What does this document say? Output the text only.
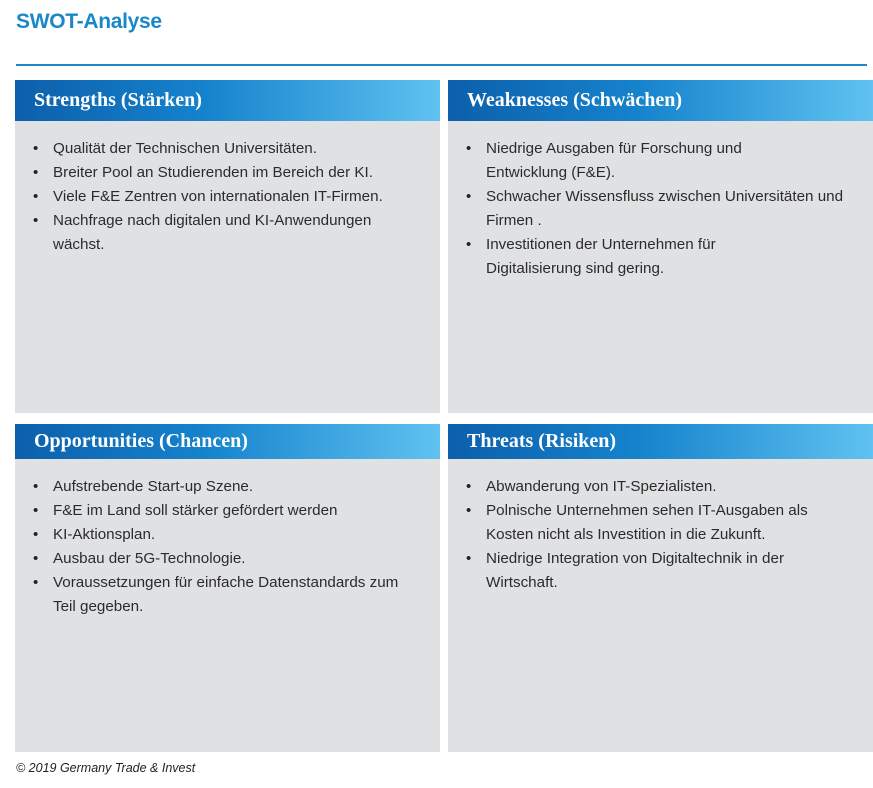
SWOT-Analyse
Strengths (Stärken)
• Qualität der Technischen Universitäten.
• Breiter Pool an Studierenden im Bereich der KI.
• Viele F&E Zentren von internationalen IT-Firmen.
• Nachfrage nach digitalen und KI-Anwendungen wächst.
Weaknesses (Schwächen)
• Niedrige Ausgaben für Forschung und Entwicklung (F&E).
• Schwacher Wissensfluss zwischen Universitäten und Firmen .
• Investitionen der Unternehmen für Digitalisierung sind gering.
Opportunities (Chancen)
• Aufstrebende Start-up Szene.
• F&E im Land soll stärker gefördert werden
• KI-Aktionsplan.
• Ausbau der 5G-Technologie.
• Voraussetzungen für einfache Datenstandards zum Teil gegeben.
Threats (Risiken)
• Abwanderung von IT-Spezialisten.
• Polnische Unternehmen sehen IT-Ausgaben als Kosten nicht als Investition in die Zukunft.
• Niedrige Integration von Digitaltechnik in der Wirtschaft.
© 2019 Germany Trade & Invest
